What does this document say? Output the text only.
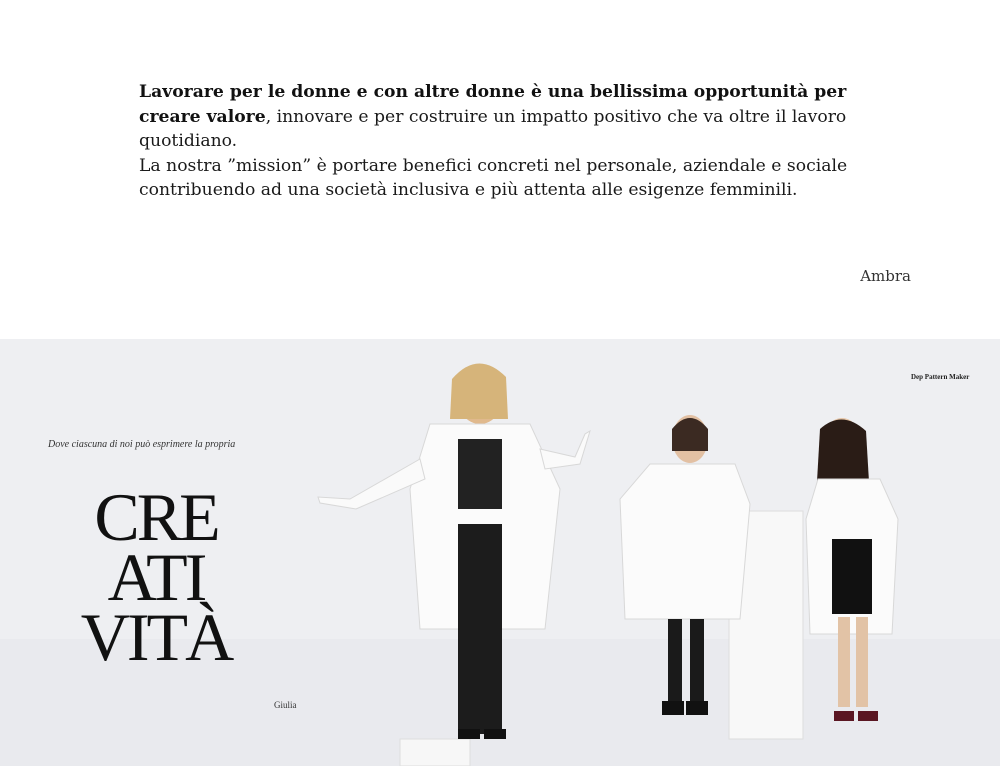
Lavorare per le donne e con altre donne è una bellissima opportunità per creare valore, innovare e per costruire un impatto positivo che va oltre il lavoro quotidiano.
La nostra ”mission” è portare benefici concreti nel personale, aziendale e sociale contribuendo ad una società inclusiva e più attenta alle esigenze femminili.
Ambra
Dove ciascuna di noi può esprimere la propria
CRE
ATI
VITÀ
Giulia
Dep Pattern Maker
